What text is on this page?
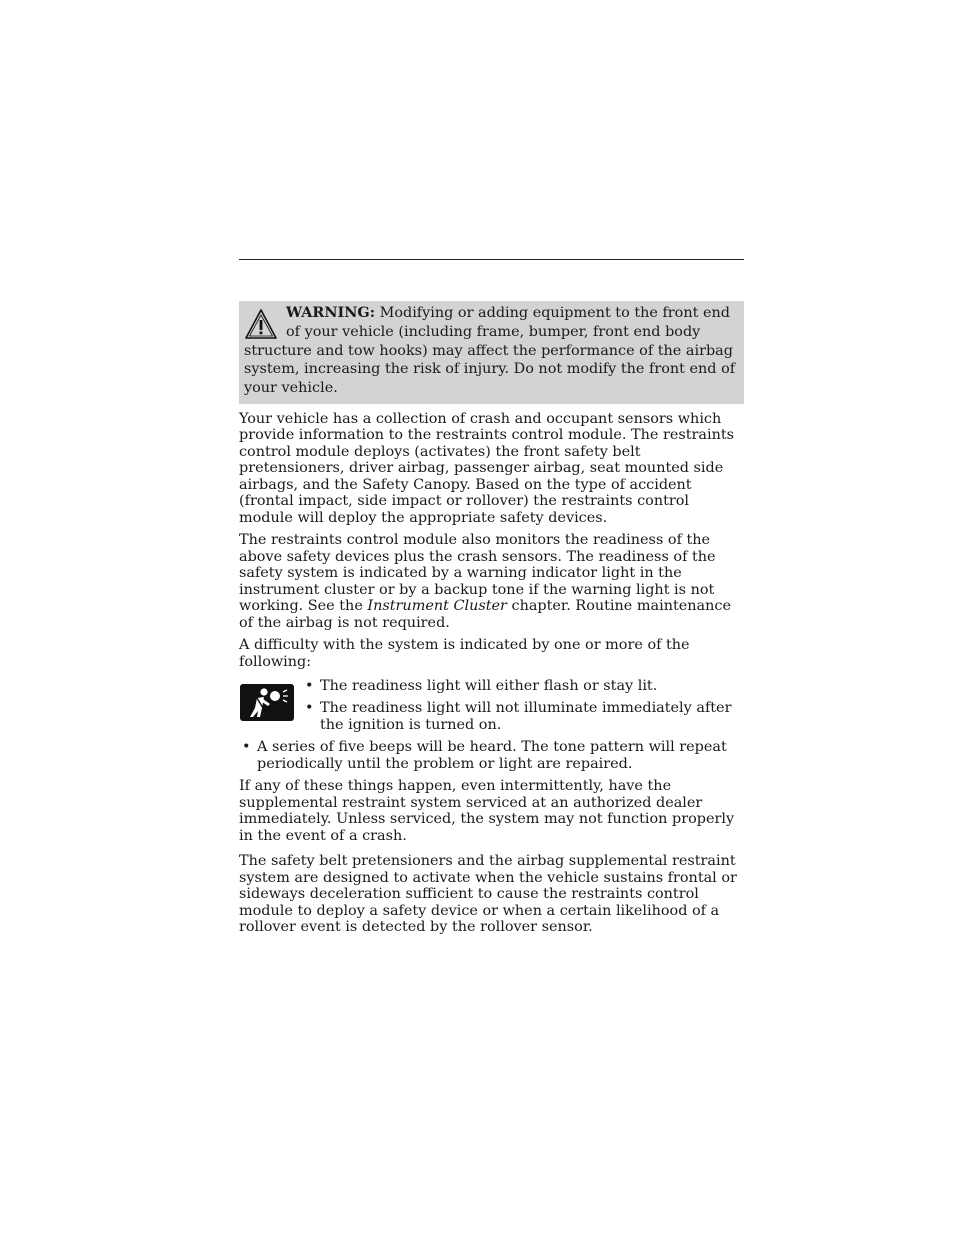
WARNING: Modifying or adding equipment to the front end of your vehicle (including frame, bumper, front end body structure and tow hooks) may affect the performance of the airbag system, increasing the risk of injury. Do not modify the front end of your vehicle.

Your vehicle has a collection of crash and occupant sensors which provide information to the restraints control module. The restraints control module deploys (activates) the front safety belt pretensioners, driver airbag, passenger airbag, seat mounted side airbags, and the Safety Canopy. Based on the type of accident (frontal impact, side impact or rollover) the restraints control module will deploy the appropriate safety devices.

The restraints control module also monitors the readiness of the above safety devices plus the crash sensors. The readiness of the safety system is indicated by a warning indicator light in the instrument cluster or by a backup tone if the warning light is not working. See the Instrument Cluster chapter. Routine maintenance of the airbag is not required.

A difficulty with the system is indicated by one or more of the following:

• The readiness light will either flash or stay lit.
• The readiness light will not illuminate immediately after the ignition is turned on.
• A series of five beeps will be heard. The tone pattern will repeat periodically until the problem or light are repaired.

If any of these things happen, even intermittently, have the supplemental restraint system serviced at an authorized dealer immediately. Unless serviced, the system may not function properly in the event of a crash.

The safety belt pretensioners and the airbag supplemental restraint system are designed to activate when the vehicle sustains frontal or sideways deceleration sufficient to cause the restraints control module to deploy a safety device or when a certain likelihood of a rollover event is detected by the rollover sensor.
